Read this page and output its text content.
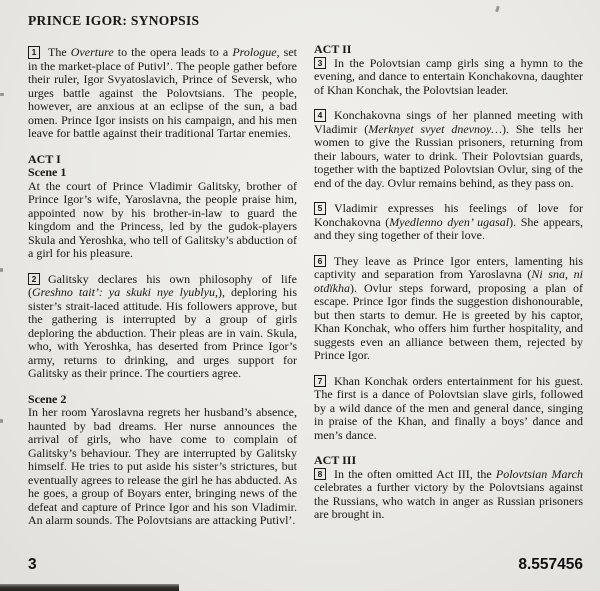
PRINCE IGOR: SYNOPSIS

1 The Overture to the opera leads to a Prologue, set in the market-place of Putivl’. The people gather before their ruler, Igor Svyatoslavich, Prince of Seversk, who urges battle against the Polovtsians. The people, however, are anxious at an eclipse of the sun, a bad omen. Prince Igor insists on his campaign, and his men leave for battle against their traditional Tartar enemies.

ACT I
Scene 1

At the court of Prince Vladimir Galitsky, brother of Prince Igor’s wife, Yaroslavna, the people praise him, appointed now by his brother-in-law to guard the kingdom and the Princess, led by the gudok-players Skula and Yeroshka, who tell of Galitsky’s abduction of a girl for his pleasure.

2 Galitsky declares his own philosophy of life (Greshno tait’: ya skuki nye lyublyu,), deploring his sister’s strait-laced attitude. His followers approve, but the gathering is interrupted by a group of girls deploring the abduction. Their pleas are in vain. Skula, who, with Yeroshka, has deserted from Prince Igor’s army, returns to drinking, and urges support for Galitsky as their prince. The courtiers agree.

Scene 2

In her room Yaroslavna regrets her husband’s absence, haunted by bad dreams. Her nurse announces the arrival of girls, who have come to complain of Galitsky’s behaviour. They are interrupted by Galitsky himself. He tries to put aside his sister’s strictures, but eventually agrees to release the girl he has abducted. As he goes, a group of Boyars enter, bringing news of the defeat and capture of Prince Igor and his son Vladimir. An alarm sounds. The Polovtsians are attacking Putivl’.

ACT II

3 In the Polovtsian camp girls sing a hymn to the evening, and dance to entertain Konchakovna, daughter of Khan Konchak, the Polovtsian leader.

4 Konchakovna sings of her planned meeting with Vladimir (Merknyet svyet dnevnoy…). She tells her women to give the Russian prisoners, returning from their labours, water to drink. Their Polovtsian guards, together with the baptized Polovtsian Ovlur, sing of the end of the day. Ovlur remains behind, as they pass on.

5 Vladimir expresses his feelings of love for Konchakovna (Myedlenno dyen’ ugasal). She appears, and they sing together of their love.

6 They leave as Prince Igor enters, lamenting his captivity and separation from Yaroslavna (Ni sna, ni otdïkha). Ovlur steps forward, proposing a plan of escape. Prince Igor finds the suggestion dishonourable, but then starts to demur. He is greeted by his captor, Khan Konchak, who offers him further hospitality, and suggests even an alliance between them, rejected by Prince Igor.

7 Khan Konchak orders entertainment for his guest. The first is a dance of Polovtsian slave girls, followed by a wild dance of the men and general dance, singing in praise of the Khan, and finally a boys’ dance and men’s dance.

ACT III

8 In the often omitted Act III, the Polovtsian March celebrates a further victory by the Polovtsians against the Russians, who watch in anger as Russian prisoners are brought in.

3	8.557456
